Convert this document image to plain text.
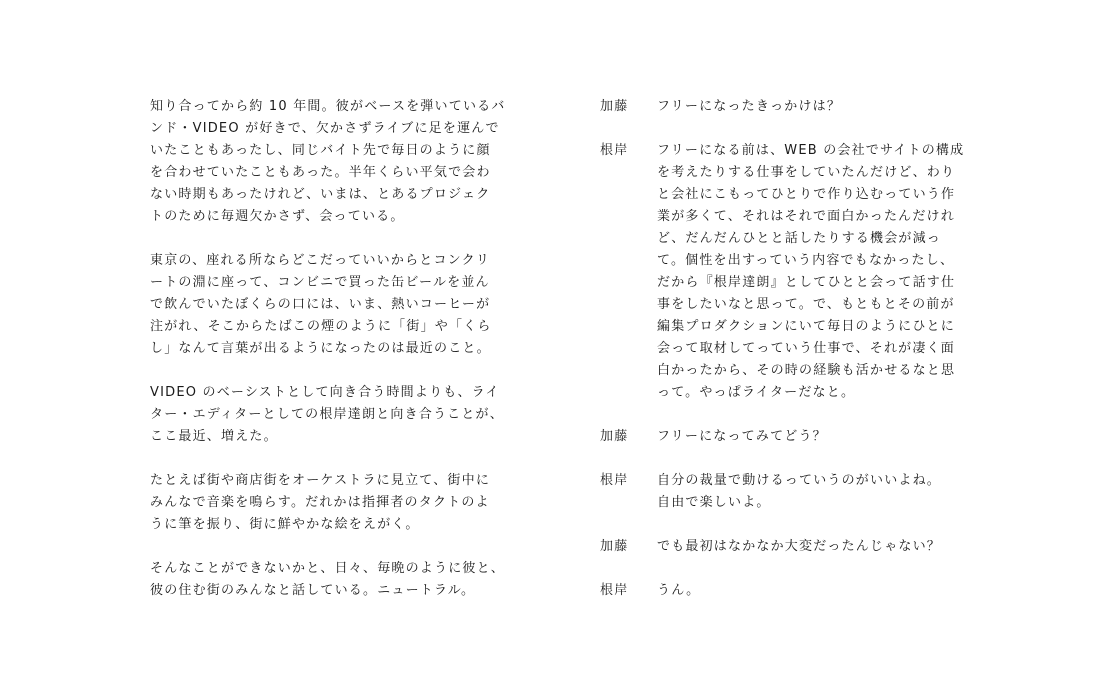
知り合ってから約 10 年間。彼がベースを弾いているバ
ンド・VIDEO が好きで、欠かさずライブに足を運んで
いたこともあったし、同じバイト先で毎日のように顔
を合わせていたこともあった。半年くらい平気で会わ
ない時期もあったけれど、いまは、とあるプロジェク
トのために毎週欠かさず、会っている。

東京の、座れる所ならどこだっていいからとコンクリ
ートの淵に座って、コンビニで買った缶ビールを並ん
で飲んでいたぼくらの口には、いま、熱いコーヒーが
注がれ、そこからたばこの煙のように「街」や「くら
し」なんて言葉が出るようになったのは最近のこと。

VIDEO のベーシストとして向き合う時間よりも、ライ
ター・エディターとしての根岸達朗と向き合うことが、
ここ最近、増えた。

たとえば街や商店街をオーケストラに見立て、街中に
みんなで音楽を鳴らす。だれかは指揮者のタクトのよ
うに筆を振り、街に鮮やかな絵をえがく。

そんなことができないかと、日々、毎晩のように彼と、
彼の住む街のみんなと話している。ニュートラル。

加藤	フリーになったきっかけは？
根岸	フリーになる前は、WEB の会社でサイトの構成
を考えたりする仕事をしていたんだけど、わり
と会社にこもってひとりで作り込むっていう作
業が多くて、それはそれで面白かったんだけれ
ど、だんだんひとと話したりする機会が減っ
て。個性を出すっていう内容でもなかったし、
だから『根岸達朗』としてひとと会って話す仕
事をしたいなと思って。で、もともとその前が
編集プロダクションにいて毎日のようにひとに
会って取材してっていう仕事で、それが凄く面
白かったから、その時の経験も活かせるなと思
って。やっぱライターだなと。
加藤	フリーになってみてどう？
根岸	自分の裁量で動けるっていうのがいいよね。
自由で楽しいよ。
加藤	でも最初はなかなか大変だったんじゃない？
根岸	うん。
